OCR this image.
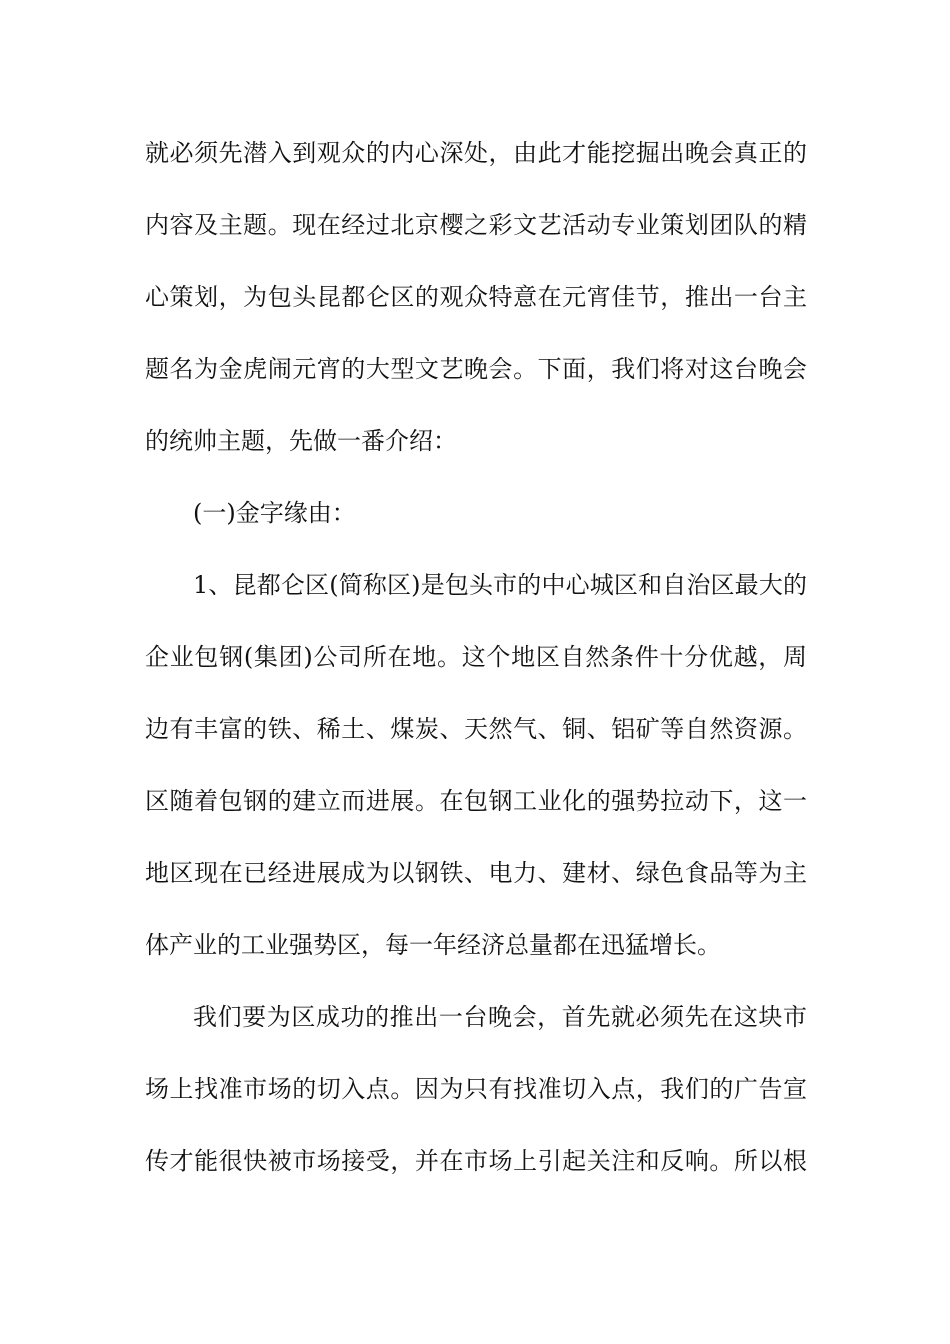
就必须先潜入到观众的内心深处，由此才能挖掘出晚会真正的
内容及主题。现在经过北京樱之彩文艺活动专业策划团队的精
心策划，为包头昆都仑区的观众特意在元宵佳节，推出一台主
题名为金虎闹元宵的大型文艺晚会。下面，我们将对这台晚会
的统帅主题，先做一番介绍：
(一)金字缘由：
1、昆都仑区(简称区)是包头市的中心城区和自治区最大的
企业包钢(集团)公司所在地。这个地区自然条件十分优越，周
边有丰富的铁、稀土、煤炭、天然气、铜、铝矿等自然资源。
区随着包钢的建立而进展。在包钢工业化的强势拉动下，这一
地区现在已经进展成为以钢铁、电力、建材、绿色食品等为主
体产业的工业强势区，每一年经济总量都在迅猛增长。
我们要为区成功的推出一台晚会，首先就必须先在这块市
场上找准市场的切入点。因为只有找准切入点，我们的广告宣
传才能很快被市场接受，并在市场上引起关注和反响。所以根
